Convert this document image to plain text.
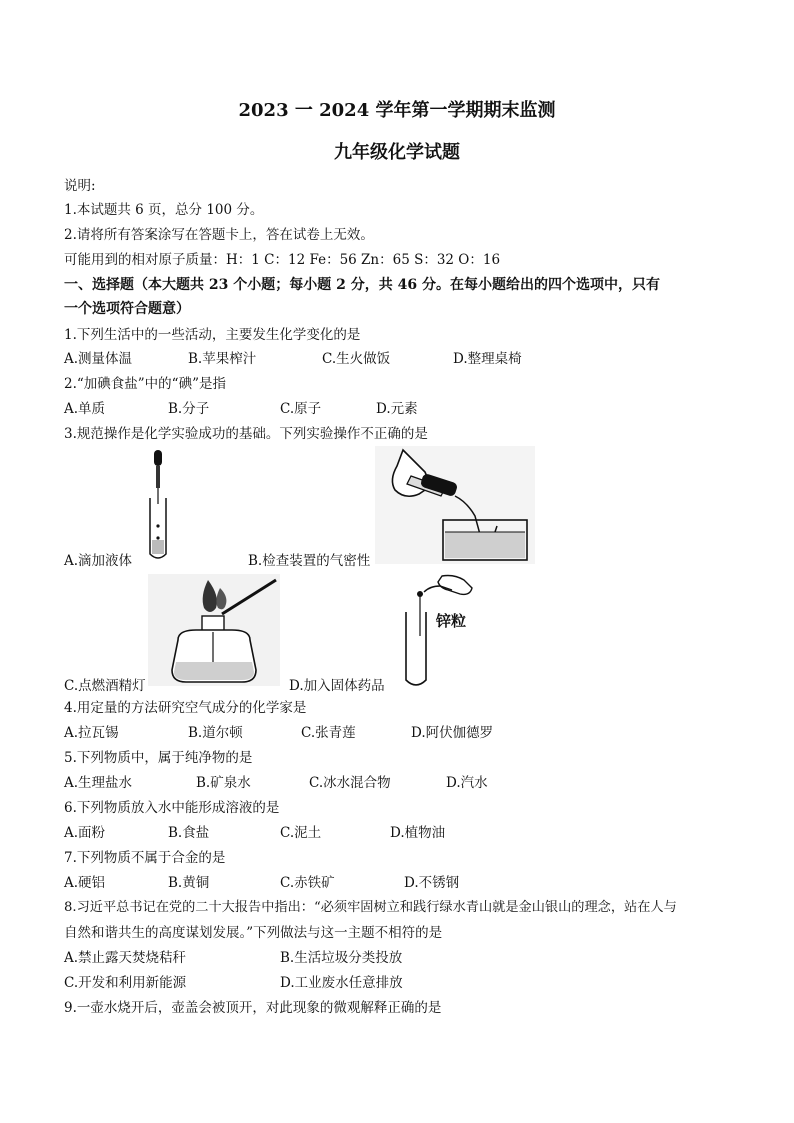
2023 一 2024 学年第一学期期末监测
九年级化学试题
说明:
1.本试题共 6 页，总分 100 分。
2.请将所有答案涂写在答题卡上，答在试卷上无效。
可能用到的相对原子质量：H：1 C：12 Fe：56 Zn：65 S：32 O：16
一、选择题（本大题共 23 个小题；每小题 2 分，共 46 分。在每小题给出的四个选项中，只有
一个选项符合题意）
1.下列生活中的一些活动，主要发生化学变化的是
A.测量体温	B.苹果榨汁	C.生火做饭	D.整理桌椅
2.“加碘食盐”中的“碘”是指
A.单质	B.分子	C.原子	D.元素
3.规范操作是化学实验成功的基础。下列实验操作不正确的是
A.滴加液体	B.检查装置的气密性
锌粒
C.点燃酒精灯	D.加入固体药品
4.用定量的方法研究空气成分的化学家是
A.拉瓦锡	B.道尔顿	C.张青莲	D.阿伏伽德罗
5.下列物质中，属于纯净物的是
A.生理盐水	B.矿泉水	C.冰水混合物	D.汽水
6.下列物质放入水中能形成溶液的是
A.面粉	B.食盐	C.泥土	D.植物油
7.下列物质不属于合金的是
A.硬铝	B.黄铜	C.赤铁矿	D.不锈钢
8.习近平总书记在党的二十大报告中指出：“必须牢固树立和践行绿水青山就是金山银山的理念，站在人与
自然和谐共生的高度谋划发展。”下列做法与这一主题不相符的是
A.禁止露天焚烧秸秆	B.生活垃圾分类投放
C.开发和利用新能源	D.工业废水任意排放
9.一壶水烧开后，壶盖会被顶开，对此现象的微观解释正确的是
